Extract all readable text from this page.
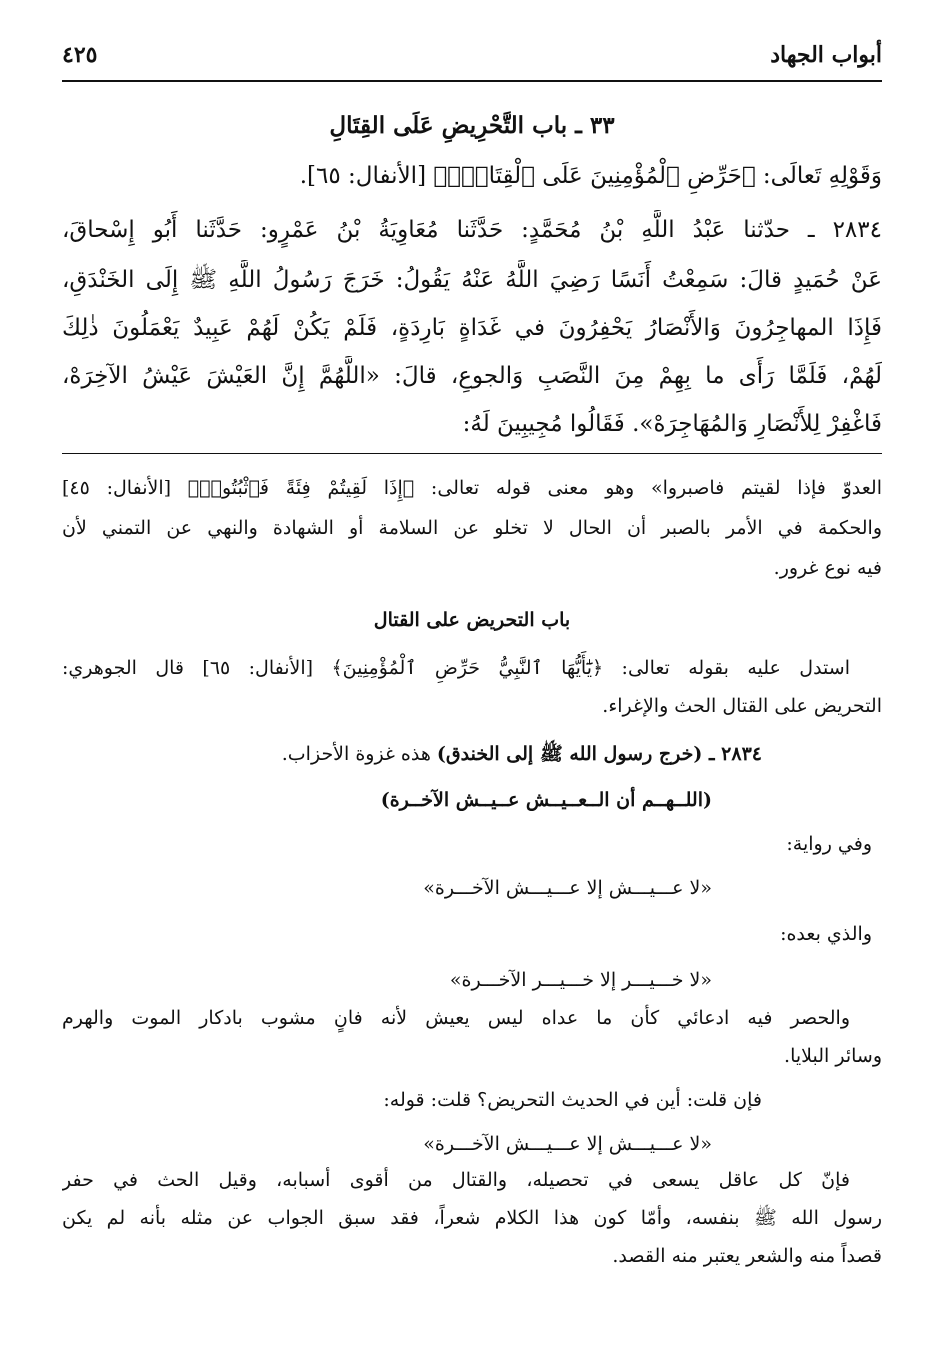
أبواب الجهاد
٤٢٥
٣٣ ـ باب التَّحْرِيضِ عَلَى القِتَالِ
وَقَوْلِهِ تَعالَى: ﴿حَرِّضِ ٱلْمُؤْمِنِينَ عَلَى ٱلْقِتَالِۚ﴾ [الأنفال: ٦٥].
٢٨٣٤ ـ حدّثنا عَبْدُ اللَّهِ بْنُ مُحَمَّدٍ: حَدَّثَنا مُعَاوِيَةُ بْنُ عَمْرٍو: حَدَّثَنا أَبُو إِسْحاقَ،
عَنْ حُمَيدٍ قالَ: سَمِعْتُ أَنَسًا رَضِيَ اللَّهُ عَنْهُ يَقُولُ: خَرَجَ رَسُولُ اللَّهِ ﷺ إِلَى الخَنْدَقِ،
فَإِذَا المهاجِرُونَ وَالأَنْصَارُ يَحْفِرُونَ في غَدَاةٍ بَارِدَةٍ، فَلَمْ يَكُنْ لَهُمْ عَبِيدٌ يَعْمَلُونَ ذٰلِكَ
لَهُمْ، فَلَمَّا رَأَى ما بِهِمْ مِنَ النَّصَبِ وَالجوعِ، قالَ: «اللَّهُمَّ إِنَّ العَيْشَ عَيْشُ الآخِرَهْ،
فَاغْفِرْ لِلأَنْصَارِ وَالمُهَاجِرَهْ». فَقَالُوا مُجِيبِينَ لَهُ:
العدوّ فإذا لقيتم فاصبروا» وهو معنى قوله تعالى: ﴿إِذَا لَقِيتُمْ فِئَةً فَٱثْبُتُوا۟﴾ [الأنفال: ٤٥]
والحكمة في الأمر بالصبر أن الحال لا تخلو عن السلامة أو الشهادة والنهي عن التمني لأن
فيه نوع غرور.
باب التحريض على القتال
استدل عليه بقوله تعالى: ﴿يَٰٓأَيُّهَا ٱلنَّبِيُّ حَرِّضِ ٱلْمُؤْمِنِينَ﴾ [الأنفال: ٦٥] قال الجوهري:
التحريض على القتال الحث والإغراء.
٢٨٣٤ ـ (خرج رسول الله ﷺ إلى الخندق) هذه غزوة الأحزاب.
(اللــهــم أن الــعــيــش عــيــش الآخــرة)
وفي رواية:
«لا عـــيـــش إلا عـــيـــش الآخـــرة»
والذي بعده:
«لا خـــيـــر إلا خـــيـــر الآخـــرة»
والحصر فيه ادعائي كأن ما عداه ليس يعيش لأنه فانٍ مشوب بادكار الموت والهرم
وسائر البلايا.
فإن قلت: أين في الحديث التحريض؟ قلت: قوله:
«لا عـــيـــش إلا عـــيـــش الآخـــرة»
فإنّ كل عاقل يسعى في تحصيله، والقتال من أقوى أسبابه، وقيل الحث في حفر
رسول الله ﷺ بنفسه، وأمّا كون هذا الكلام شعراً، فقد سبق الجواب عن مثله بأنه لم يكن
قصداً منه والشعر يعتبر منه القصد.
